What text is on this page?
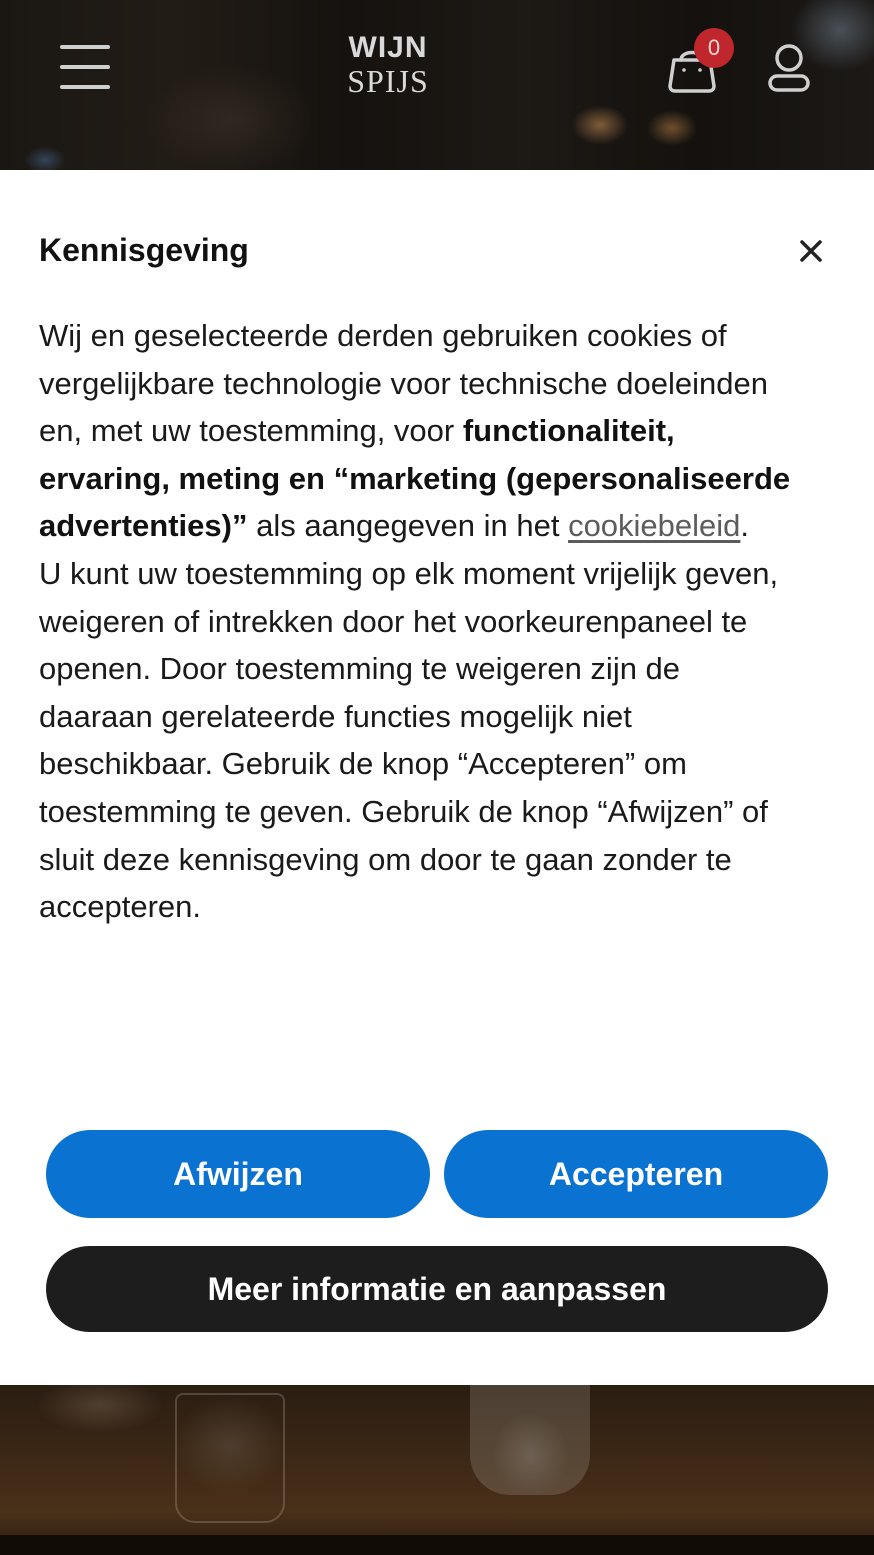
WIJN
SPIJS
0
Kennisgeving
Wij en geselecteerde derden gebruiken cookies of vergelijkbare technologie voor technische doeleinden en, met uw toestemming, voor functionaliteit, ervaring, meting en “marketing (gepersonaliseerde advertenties)” als aangegeven in het cookiebeleid.
U kunt uw toestemming op elk moment vrijelijk geven, weigeren of intrekken door het voorkeurenpaneel te openen. Door toestemming te weigeren zijn de daaraan gerelateerde functies mogelijk niet beschikbaar. Gebruik de knop “Accepteren” om toestemming te geven. Gebruik de knop “Afwijzen” of sluit deze kennisgeving om door te gaan zonder te accepteren.
Afwijzen	Accepteren
Meer informatie en aanpassen
